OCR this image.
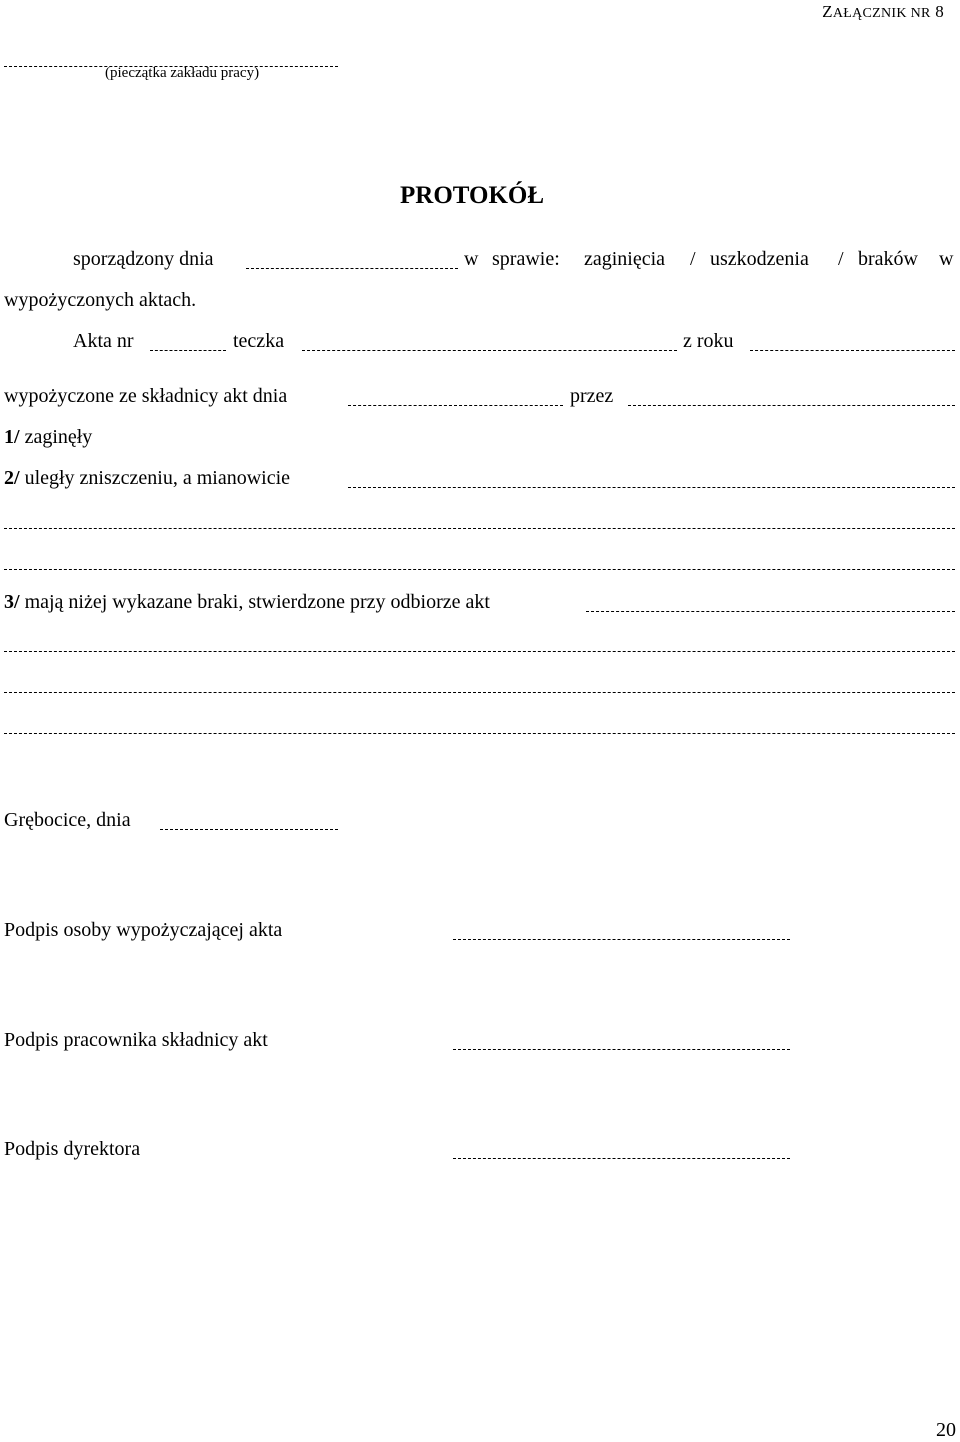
ZAŁĄCZNIK NR 8
(pieczątka zakładu pracy)
PROTOKÓŁ
sporządzony dnia	w sprawie: zaginięcia / uszkodzenia / braków w
wypożyczonych aktach.
Akta nr	teczka	z roku
wypożyczone ze składnicy akt dnia	przez
1/ zaginęły
2/ uległy zniszczeniu, a mianowicie
3/ mają niżej wykazane braki, stwierdzone przy odbiorze akt
Grębocice, dnia
Podpis osoby wypożyczającej akta
Podpis pracownika składnicy akt
Podpis dyrektora
20
